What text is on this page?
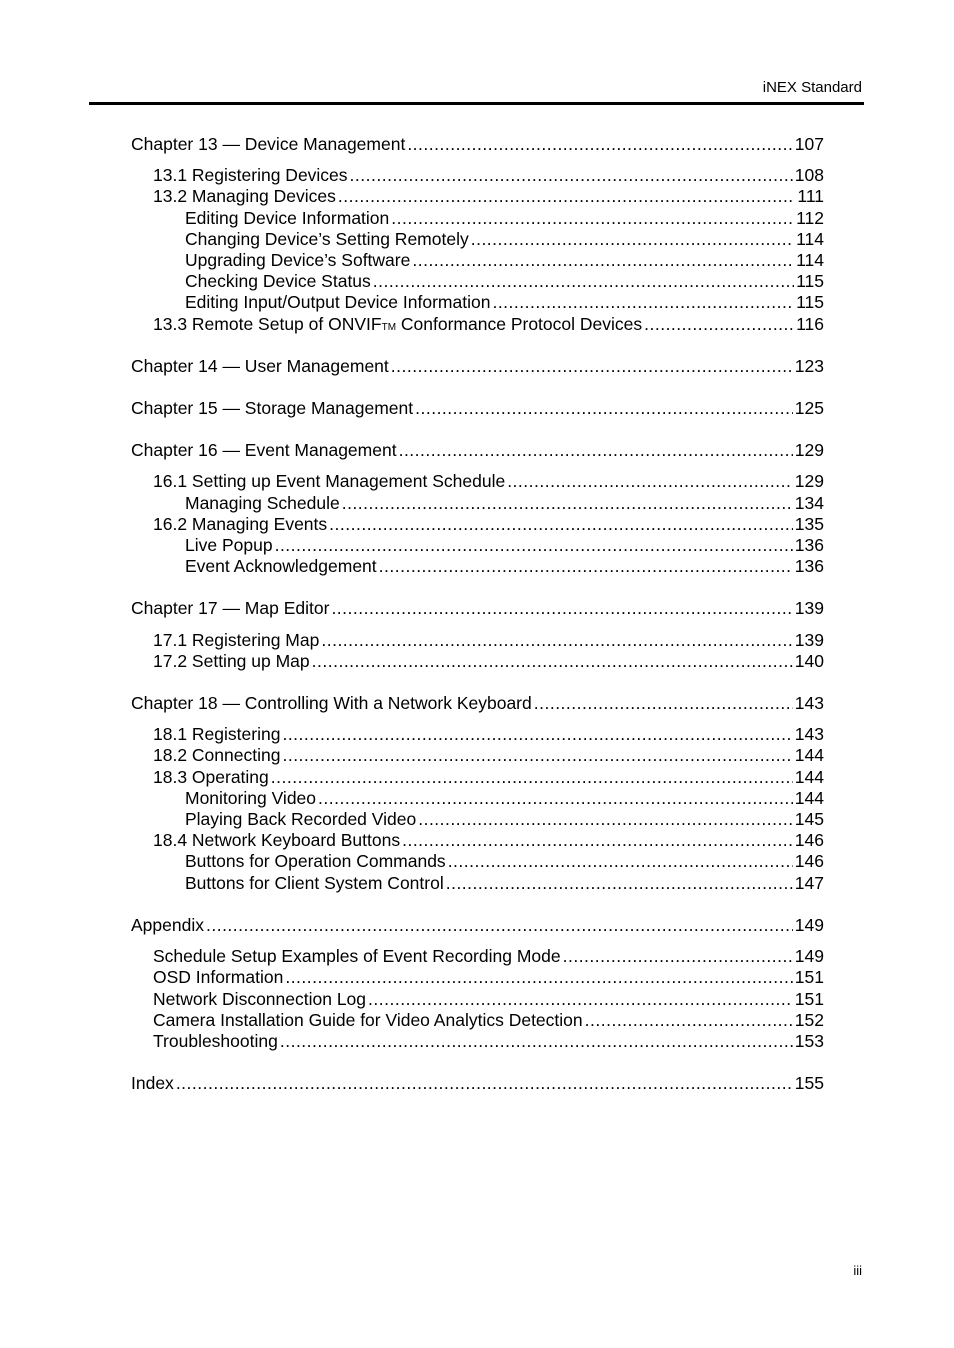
iNEX Standard
Chapter 13 — Device Management .....	107
13.1 Registering Devices .....	108
13.2 Managing Devices .....	111
Editing Device Information .....	112
Changing Device’s Setting Remotely .....	114
Upgrading Device’s Software .....	114
Checking Device Status .....	115
Editing Input/Output Device Information .....	115
13.3 Remote Setup of ONVIF TM Conformance Protocol Devices .....	116
Chapter 14 — User Management .....	123
Chapter 15 — Storage Management .....	125
Chapter 16 — Event Management .....	129
16.1 Setting up Event Management Schedule .....	129
Managing Schedule .....	134
16.2 Managing Events .....	135
Live Popup .....	136
Event Acknowledgement .....	136
Chapter 17 — Map Editor .....	139
17.1 Registering Map .....	139
17.2 Setting up Map .....	140
Chapter 18 — Controlling With a Network Keyboard .....	143
18.1 Registering .....	143
18.2 Connecting .....	144
18.3 Operating .....	144
Monitoring Video .....	144
Playing Back Recorded Video .....	145
18.4 Network Keyboard Buttons .....	146
Buttons for Operation Commands .....	146
Buttons for Client System Control .....	147
Appendix .....	149
Schedule Setup Examples of Event Recording Mode .....	149
OSD Information .....	151
Network Disconnection Log .....	151
Camera Installation Guide for Video Analytics Detection .....	152
Troubleshooting .....	153
Index .....	155
iii
